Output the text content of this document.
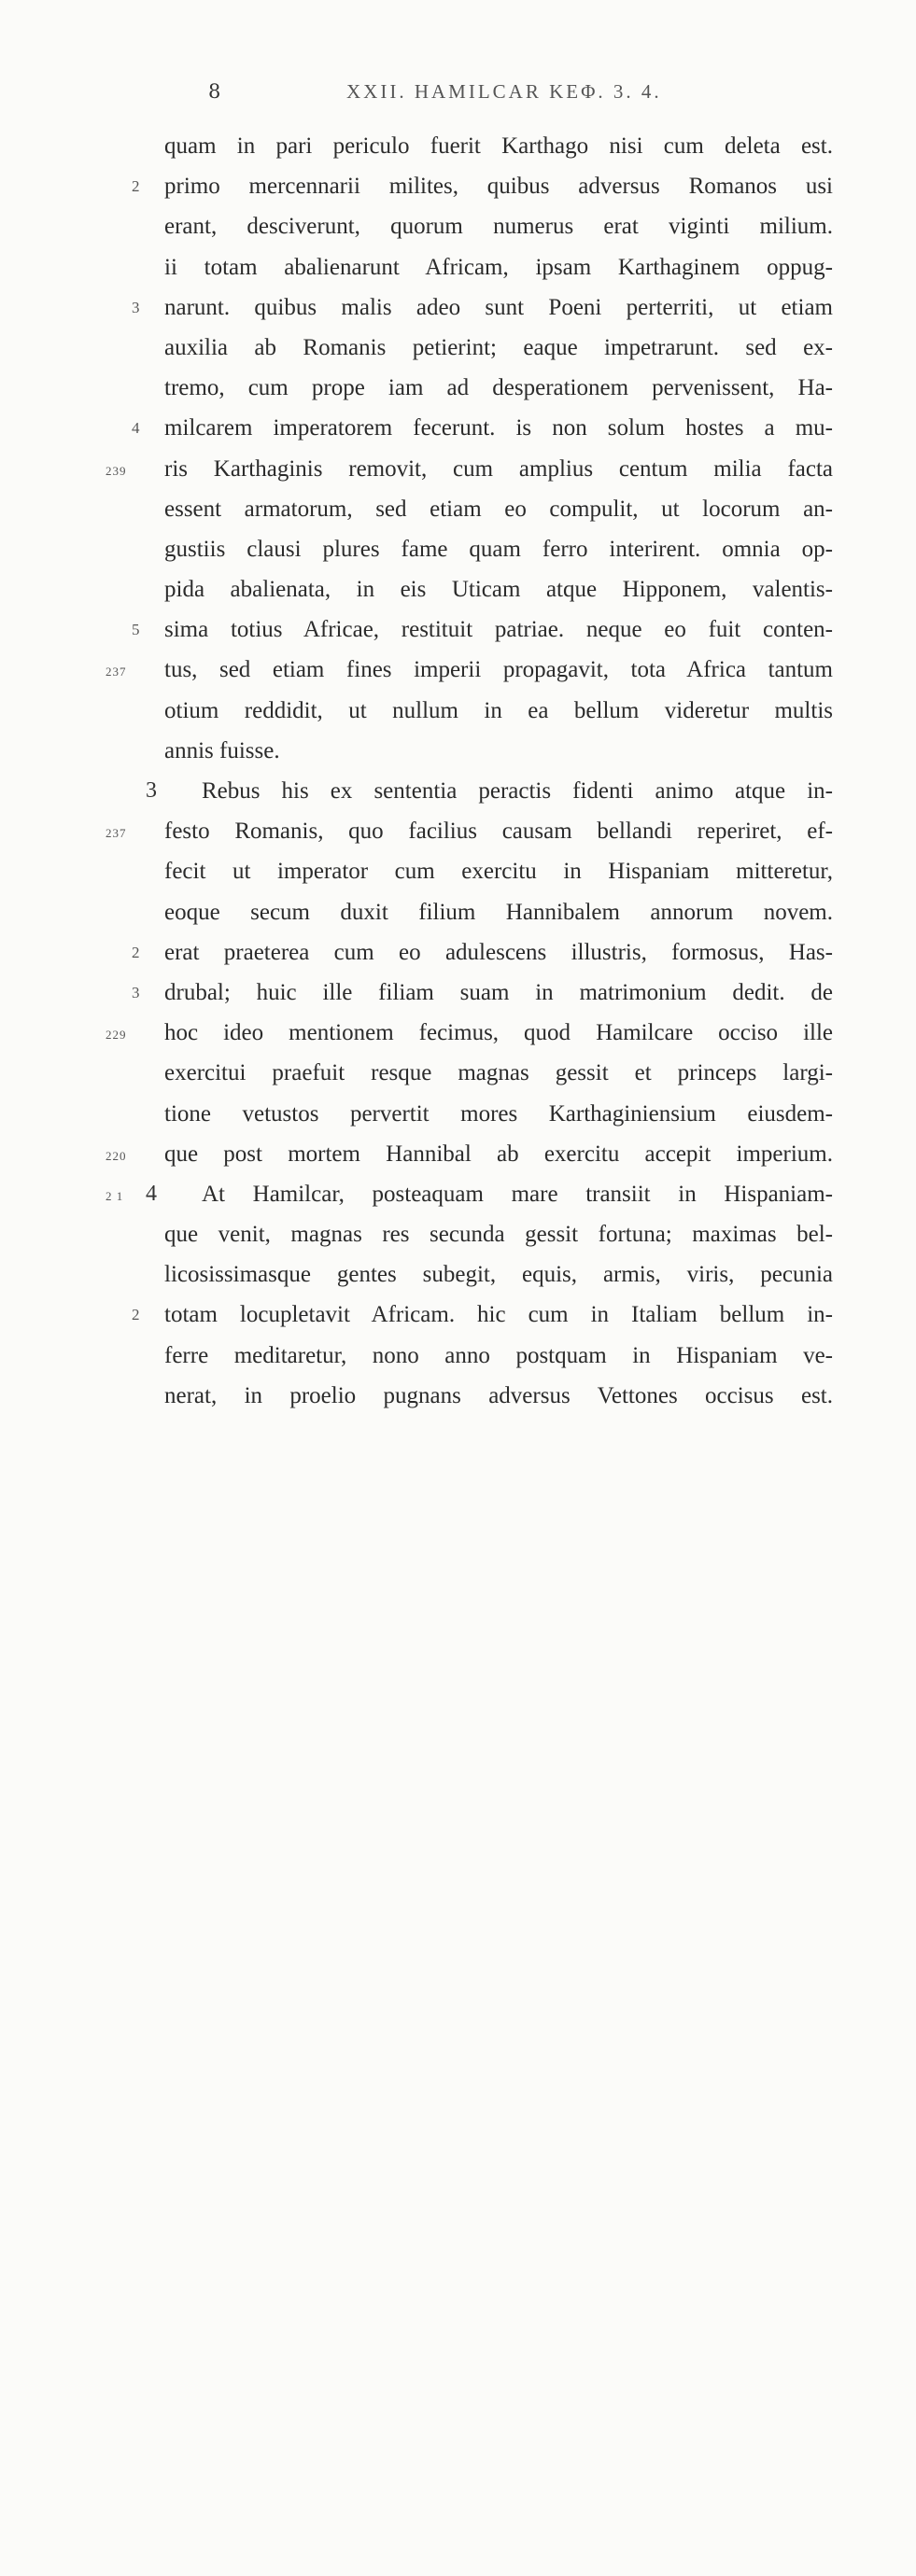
8	XXII. HAMILCAR KEΦ. 3. 4.
quam in pari periculo fuerit Karthago nisi cum deleta est.
primo mercennarii milites, quibus adversus Romanos usi
2
erant, desciverunt, quorum numerus erat viginti milium.
ii totam abalienarunt Africam, ipsam Karthaginem oppug-
narunt. quibus malis adeo sunt Poeni perterriti, ut etiam
3
auxilia ab Romanis petierint; eaque impetrarunt. sed ex-
tremo, cum prope iam ad desperationem pervenissent, Ha-
milcarem imperatorem fecerunt. is non solum hostes a mu-
4
ris Karthaginis removit, cum amplius centum milia facta
239
essent armatorum, sed etiam eo compulit, ut locorum an-
gustiis clausi plures fame quam ferro interirent. omnia op-
pida abalienata, in eis Uticam atque Hipponem, valentis-
sima totius Africae, restituit patriae. neque eo fuit conten-
5
tus, sed etiam fines imperii propagavit, tota Africa tantum
237
otium reddidit, ut nullum in ea bellum videretur multis
annis fuisse.
Rebus his ex sententia peractis fidenti animo atque in-
3
festo Romanis, quo facilius causam bellandi reperiret, ef-
237
fecit ut imperator cum exercitu in Hispaniam mitteretur,
eoque secum duxit filium Hannibalem annorum novem.
erat praeterea cum eo adulescens illustris, formosus, Has-
2
drubal; huic ille filiam suam in matrimonium dedit. de
3
hoc ideo mentionem fecimus, quod Hamilcare occiso ille
229
exercitui praefuit resque magnas gessit et princeps largi-
tione vetustos pervertit mores Karthaginiensium eiusdem-
que post mortem Hannibal ab exercitu accepit imperium.
220
At Hamilcar, posteaquam mare transiit in Hispaniam-
4
2 1
que venit, magnas res secunda gessit fortuna; maximas bel-
licosissimasque gentes subegit, equis, armis, viris, pecunia
totam locupletavit Africam. hic cum in Italiam bellum in-
2
ferre meditaretur, nono anno postquam in Hispaniam ve-
nerat, in proelio pugnans adversus Vettones occisus est.
